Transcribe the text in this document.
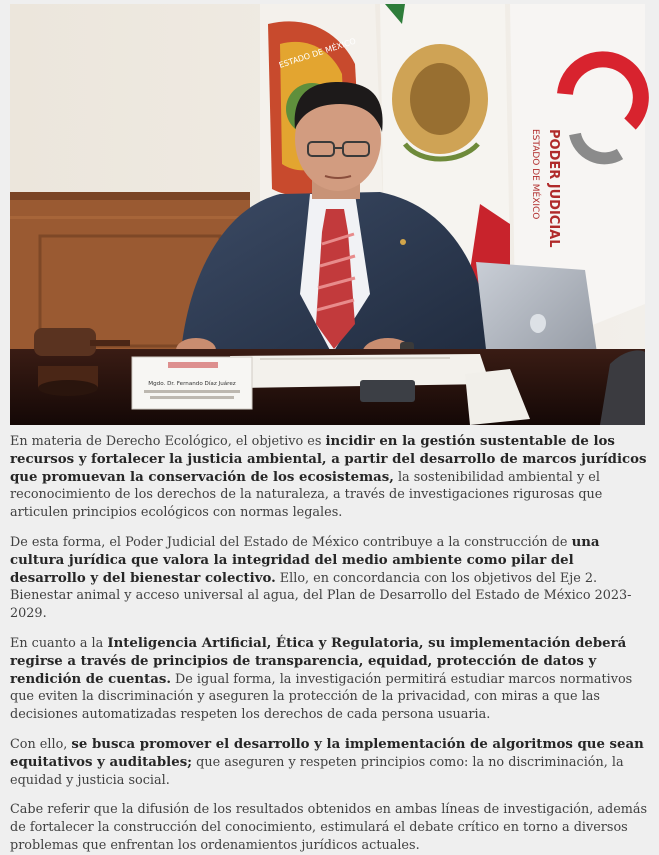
ESTADO DE MÉXICO
PODER JUDICIAL
ESTADO DE MÉXICO
Mgdo. Dr. Fernando Díaz Juárez

En materia de Derecho Ecológico, el objetivo es incidir en la gestión sustentable de los recursos y fortalecer la justicia ambiental, a partir del desarrollo de marcos jurídicos que promuevan la conservación de los ecosistemas, la sostenibilidad ambiental y el reconocimiento de los derechos de la naturaleza, a través de investigaciones rigurosas que articulen principios ecológicos con normas legales.

De esta forma, el Poder Judicial del Estado de México contribuye a la construcción de una cultura jurídica que valora la integridad del medio ambiente como pilar del desarrollo y del bienestar colectivo. Ello, en concordancia con los objetivos del Eje 2. Bienestar animal y acceso universal al agua, del Plan de Desarrollo del Estado de México 2023-2029.

En cuanto a la Inteligencia Artificial, Ética y Regulatoria, su implementación deberá regirse a través de principios de transparencia, equidad, protección de datos y rendición de cuentas. De igual forma, la investigación permitirá estudiar marcos normativos que eviten la discriminación y aseguren la protección de la privacidad, con miras a que las decisiones automatizadas respeten los derechos de cada persona usuaria.

Con ello, se busca promover el desarrollo y la implementación de algoritmos que sean equitativos y auditables; que aseguren y respeten principios como: la no discriminación, la equidad y justicia social.

Cabe referir que la difusión de los resultados obtenidos en ambas líneas de investigación, además de fortalecer la construcción del conocimiento, estimulará el debate crítico en torno a diversos problemas que enfrentan los ordenamientos jurídicos actuales.
